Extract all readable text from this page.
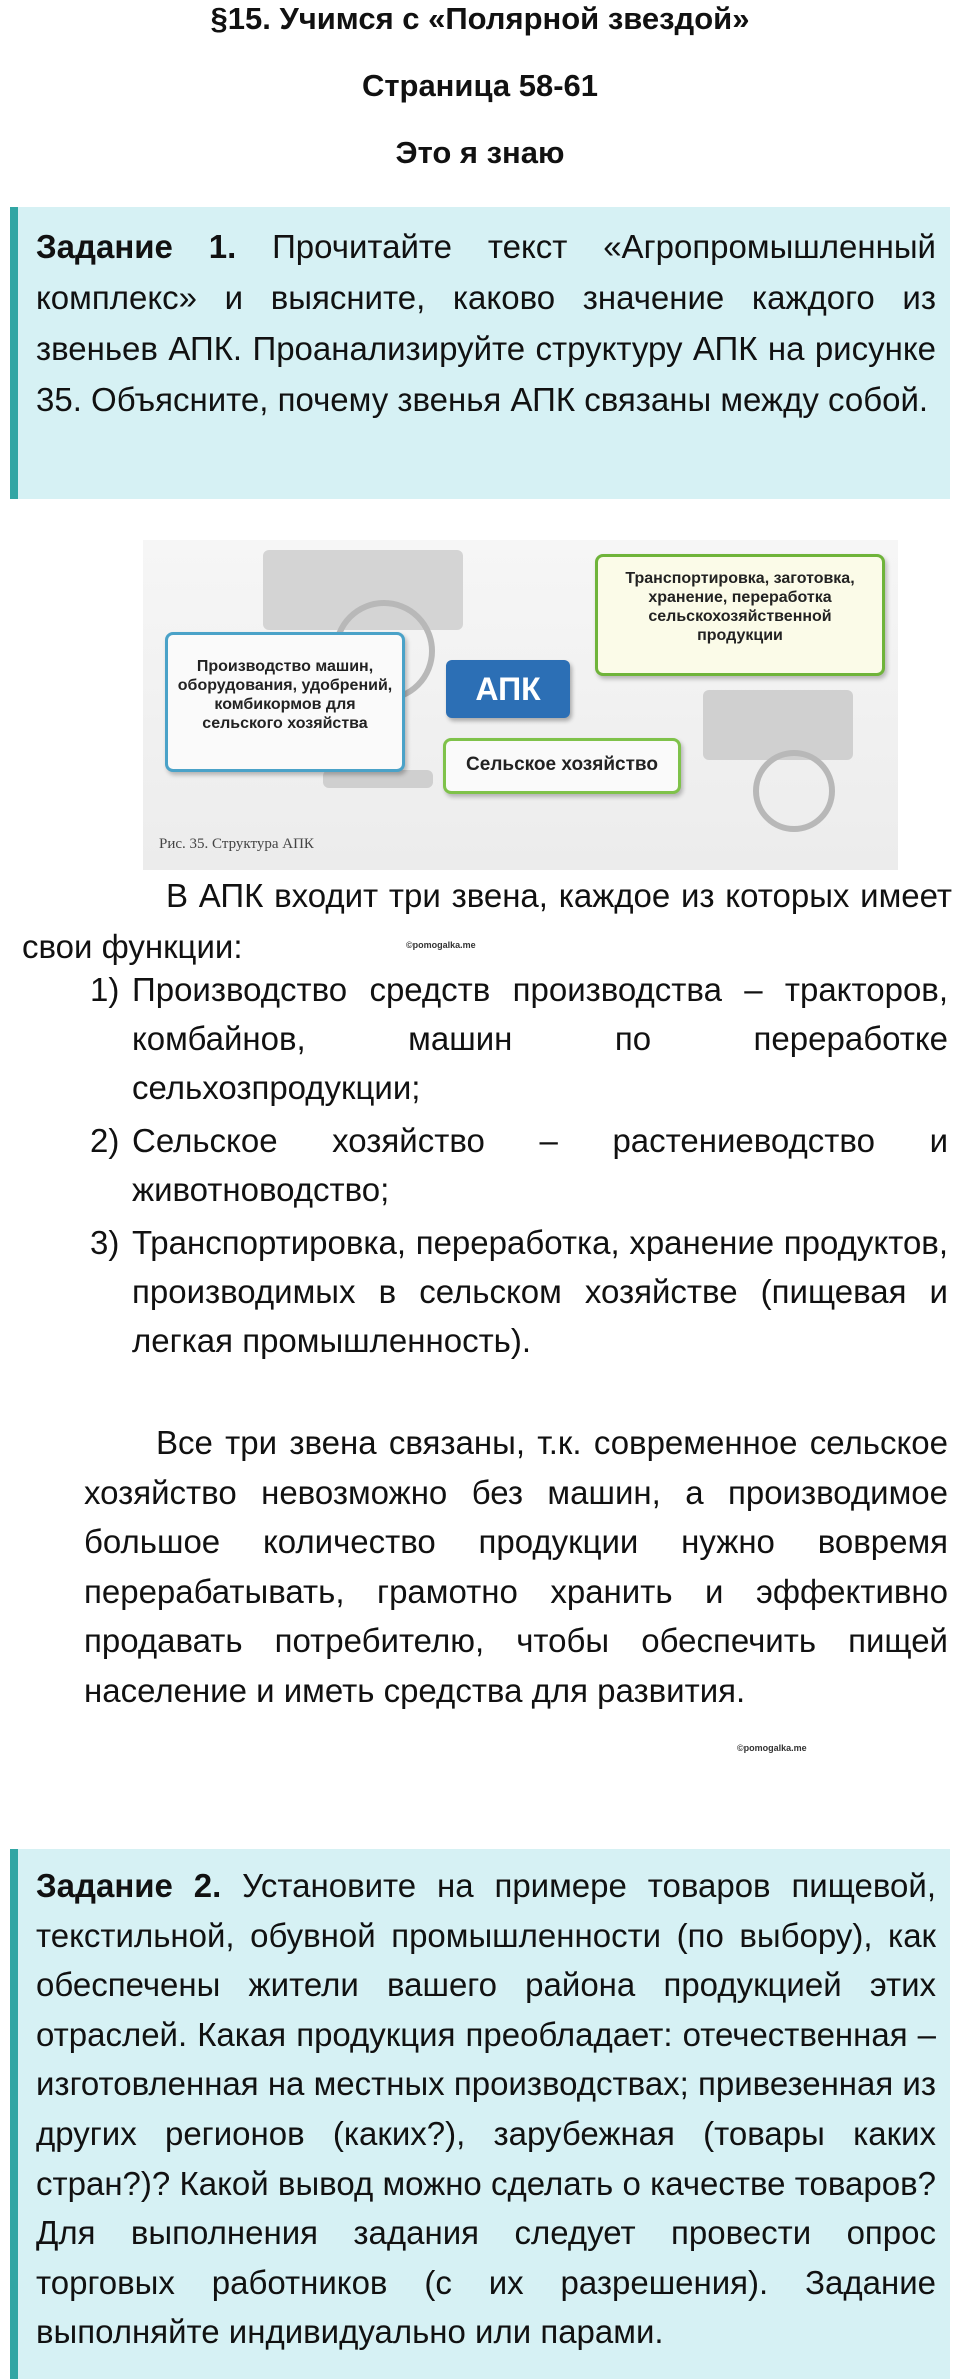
§15. Учимся с «Полярной звездой»
Страница 58-61
Это я знаю
Задание 1. Прочитайте текст «Агропромышленный комплекс» и выясните, каково значение каждого из звеньев АПК. Проанализируйте структуру АПК на рисунке 35. Объясните, почему звенья АПК связаны между собой.
Производство машин, оборудования, удобрений, комбикормов для сельского хозяйства
Транспортировка, заготовка, хранение, переработка сельскохозяйственной продукции
АПК
Сельское хозяйство
Рис. 35. Структура АПК
В АПК входит три звена, каждое из которых имеет свои функции:	©pomogalka.me
1) Производство средств производства – тракторов, комбайнов, машин по переработке сельхозпродукции;
2) Сельское хозяйство – растениеводство и животноводство;
3) Транспортировка, переработка, хранение продуктов, производимых в сельском хозяйстве (пищевая и легкая промышленность).
Все три звена связаны, т.к. современное сельское хозяйство невозможно без машин, а производимое большое количество продукции нужно вовремя перерабатывать, грамотно хранить и эффективно продавать потребителю, чтобы обеспечить пищей население и иметь средства для развития.
©pomogalka.me
Задание 2. Установите на примере товаров пищевой, текстильной, обувной промышленности (по выбору), как обеспечены жители вашего района продукцией этих отраслей. Какая продукция преобладает: отечественная – изготовленная на местных производствах; привезенная из других регионов (каких?), зарубежная (товары каких стран?)? Какой вывод можно сделать о качестве товаров? Для выполнения задания следует провести опрос торговых работников (с их разрешения). Задание выполняйте индивидуально или парами.
